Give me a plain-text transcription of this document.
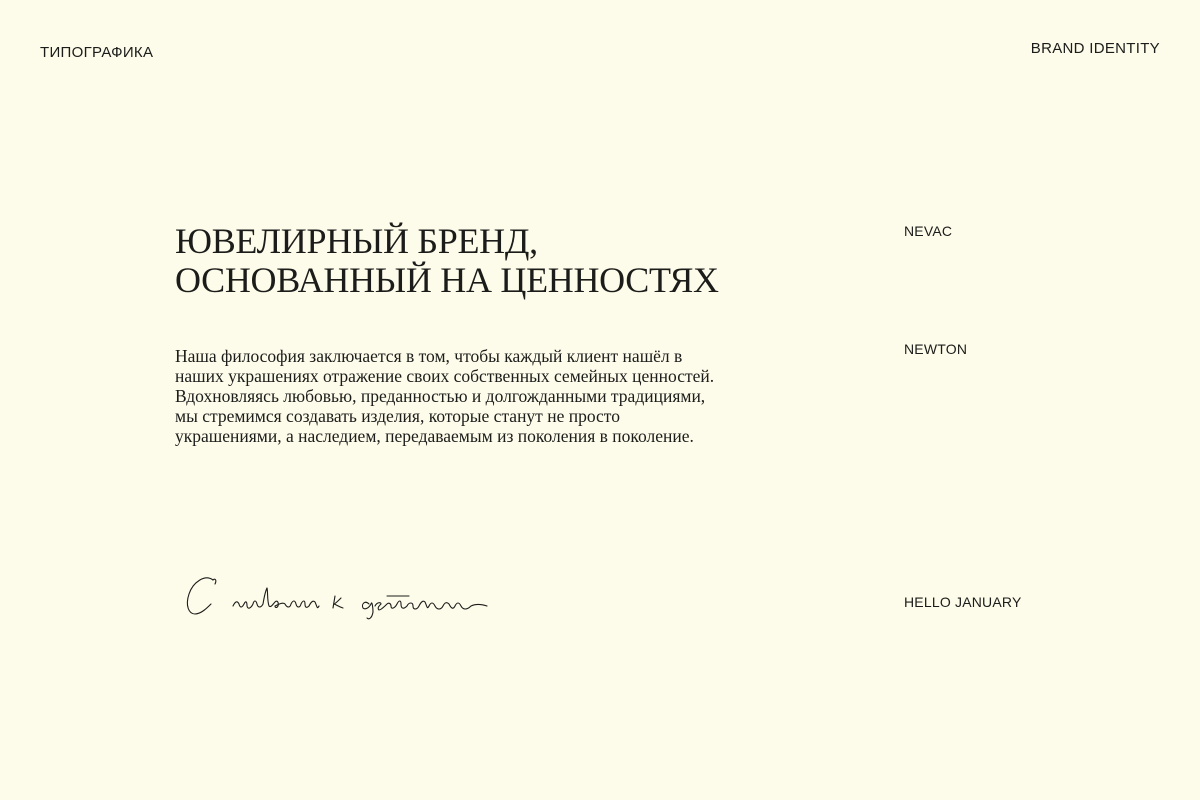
ТИПОГРАФИКА	BRAND IDENTITY
ЮВЕЛИРНЫЙ БРЕНД,
ОСНОВАННЫЙ НА ЦЕННОСТЯХ

Наша философия заключается в том, чтобы каждый клиент нашёл в
наших украшениях отражение своих собственных семейных ценностей.
Вдохновляясь любовью, преданностью и долгожданными традициями,
мы стремимся создавать изделия, которые станут не просто
украшениями, а наследием, передаваемым из поколения в поколение.

NEVAC
NEWTON
HELLO JANUARY
